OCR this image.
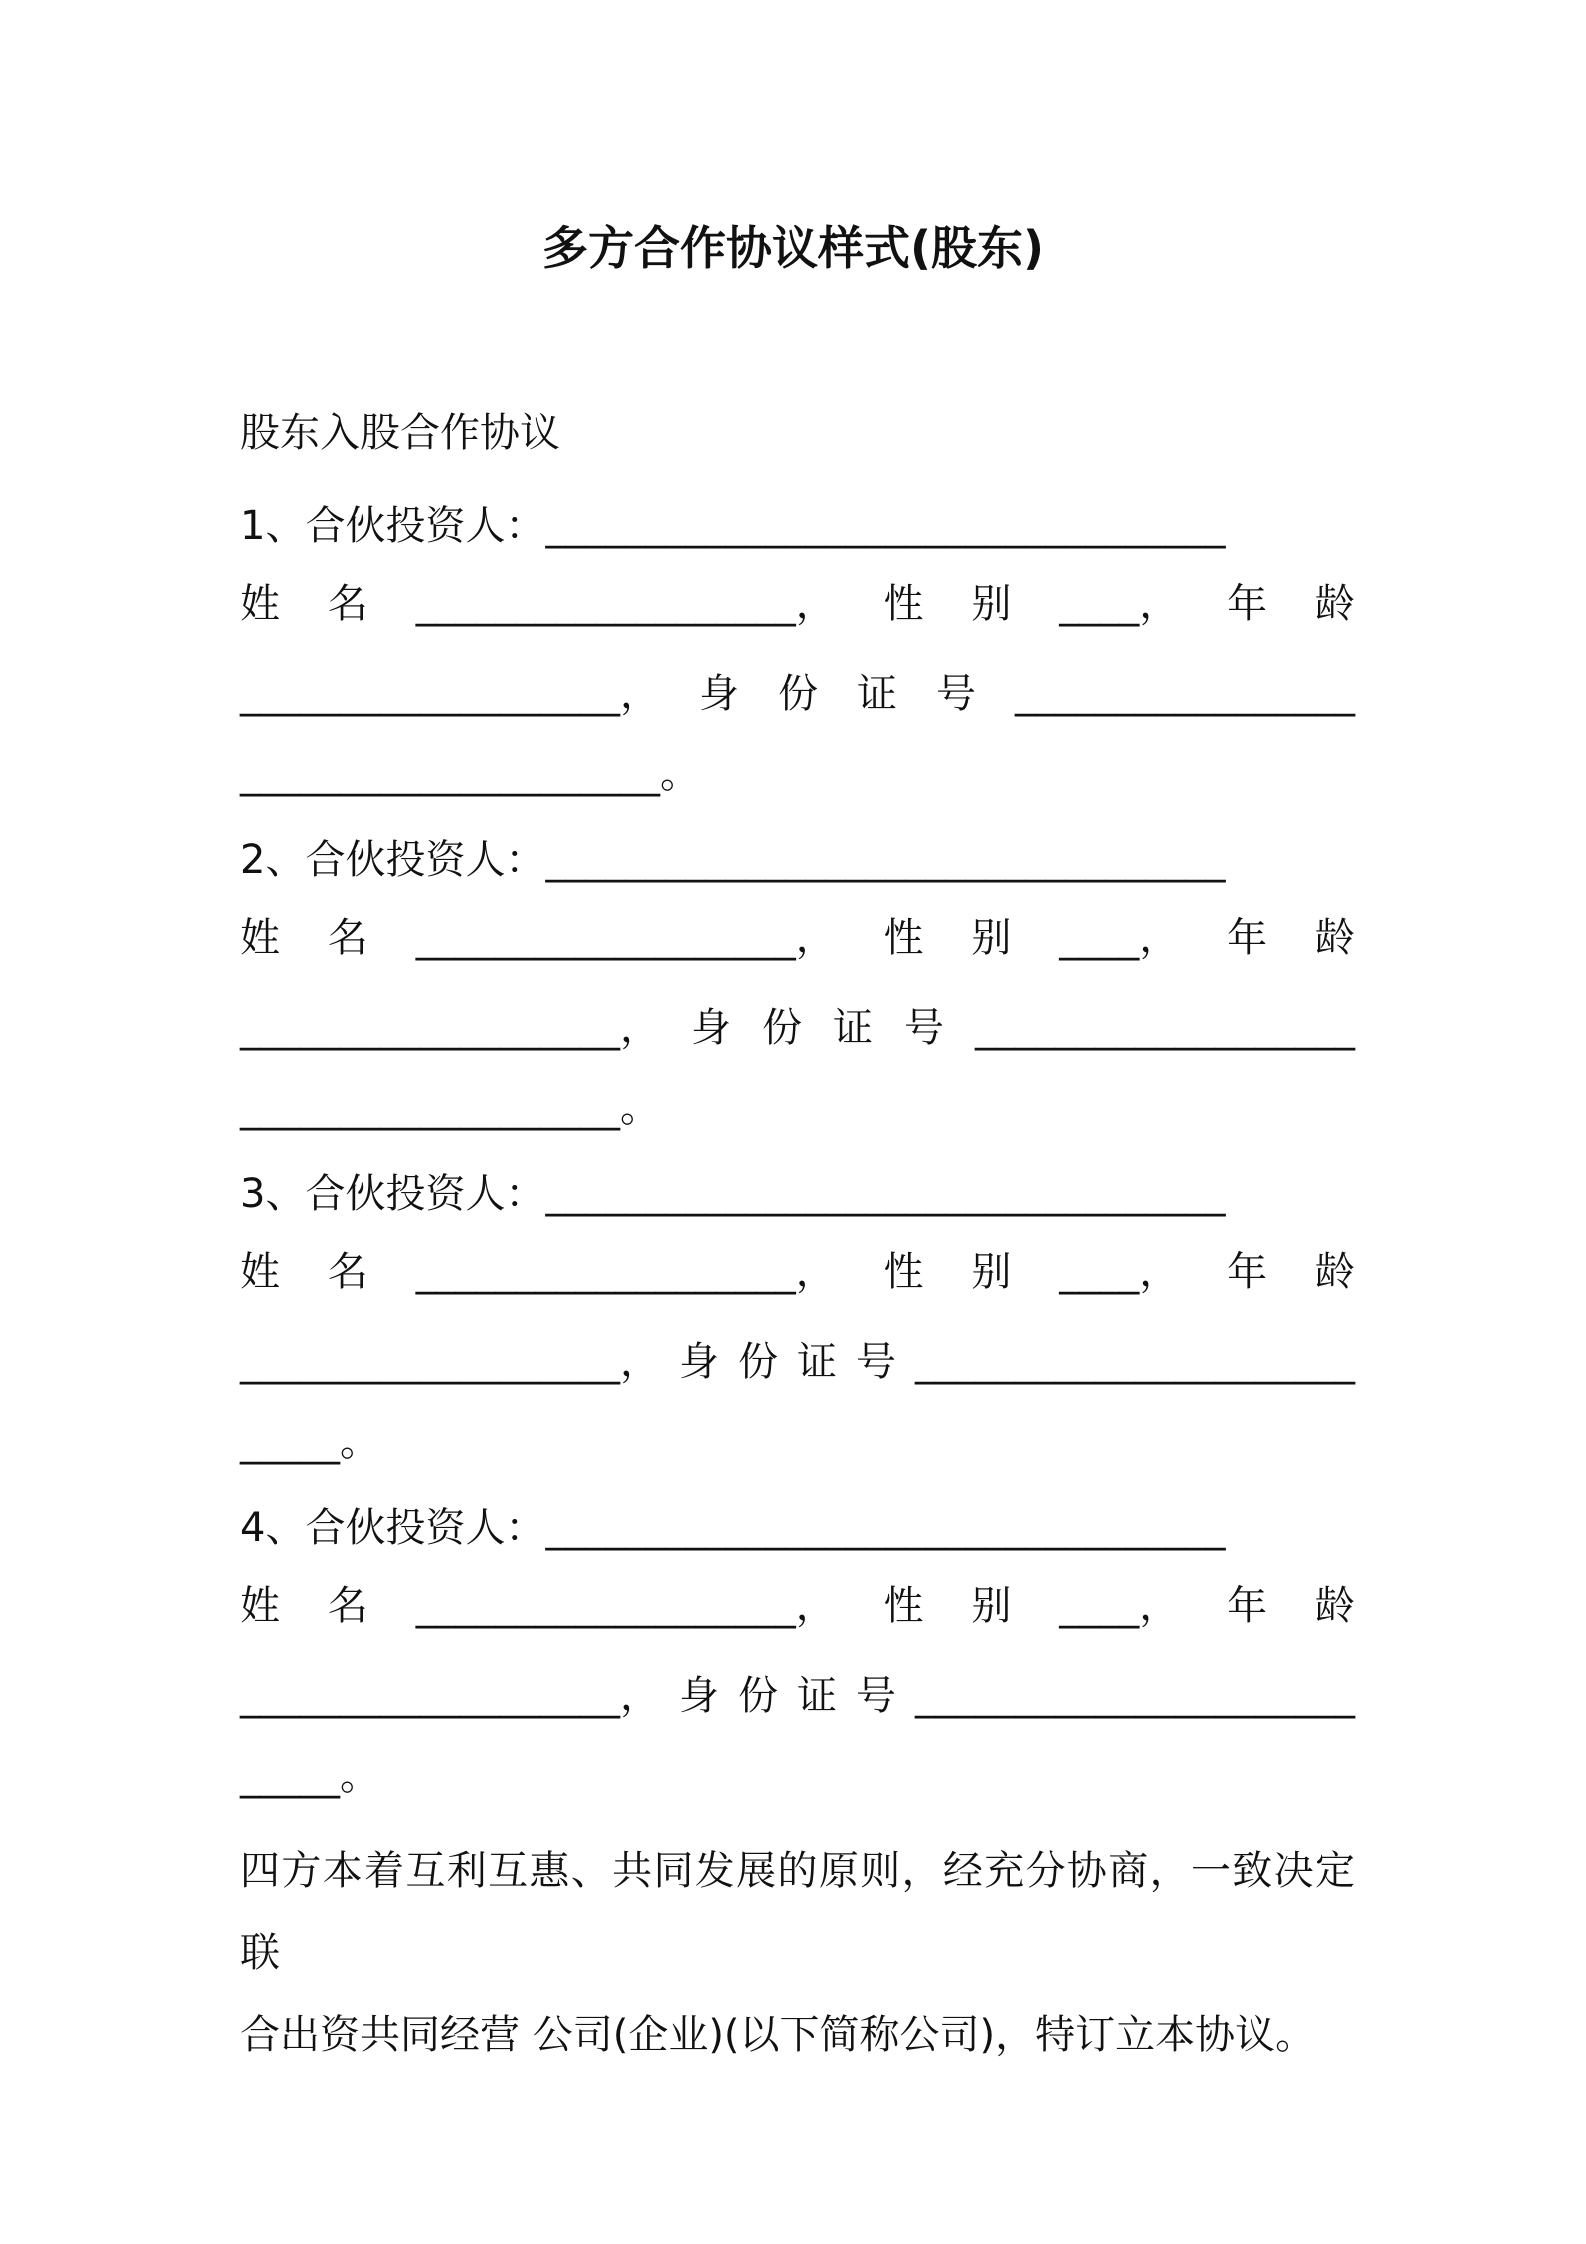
多方合作协议样式(股东)
股东入股合作协议
1、合伙投资人：__________________________________
姓 名 ___________________， 性 别 ____， 年 龄
___________________， 身 份 证 号 _________________
_____________________。
2、合伙投资人：__________________________________
姓 名 ___________________， 性 别 ____， 年 龄
___________________， 身 份 证 号 ___________________
___________________。
3、合伙投资人：__________________________________
姓 名 ___________________， 性 别 ____， 年 龄
___________________， 身 份 证 号 ______________________
_____。
4、合伙投资人：__________________________________
姓 名 ___________________， 性 别 ____， 年 龄
___________________， 身 份 证 号 ______________________
_____。
四方本着互利互惠、共同发展的原则，经充分协商，一致决定联
合出资共同经营 公司(企业)(以下简称公司)，特订立本协议。
